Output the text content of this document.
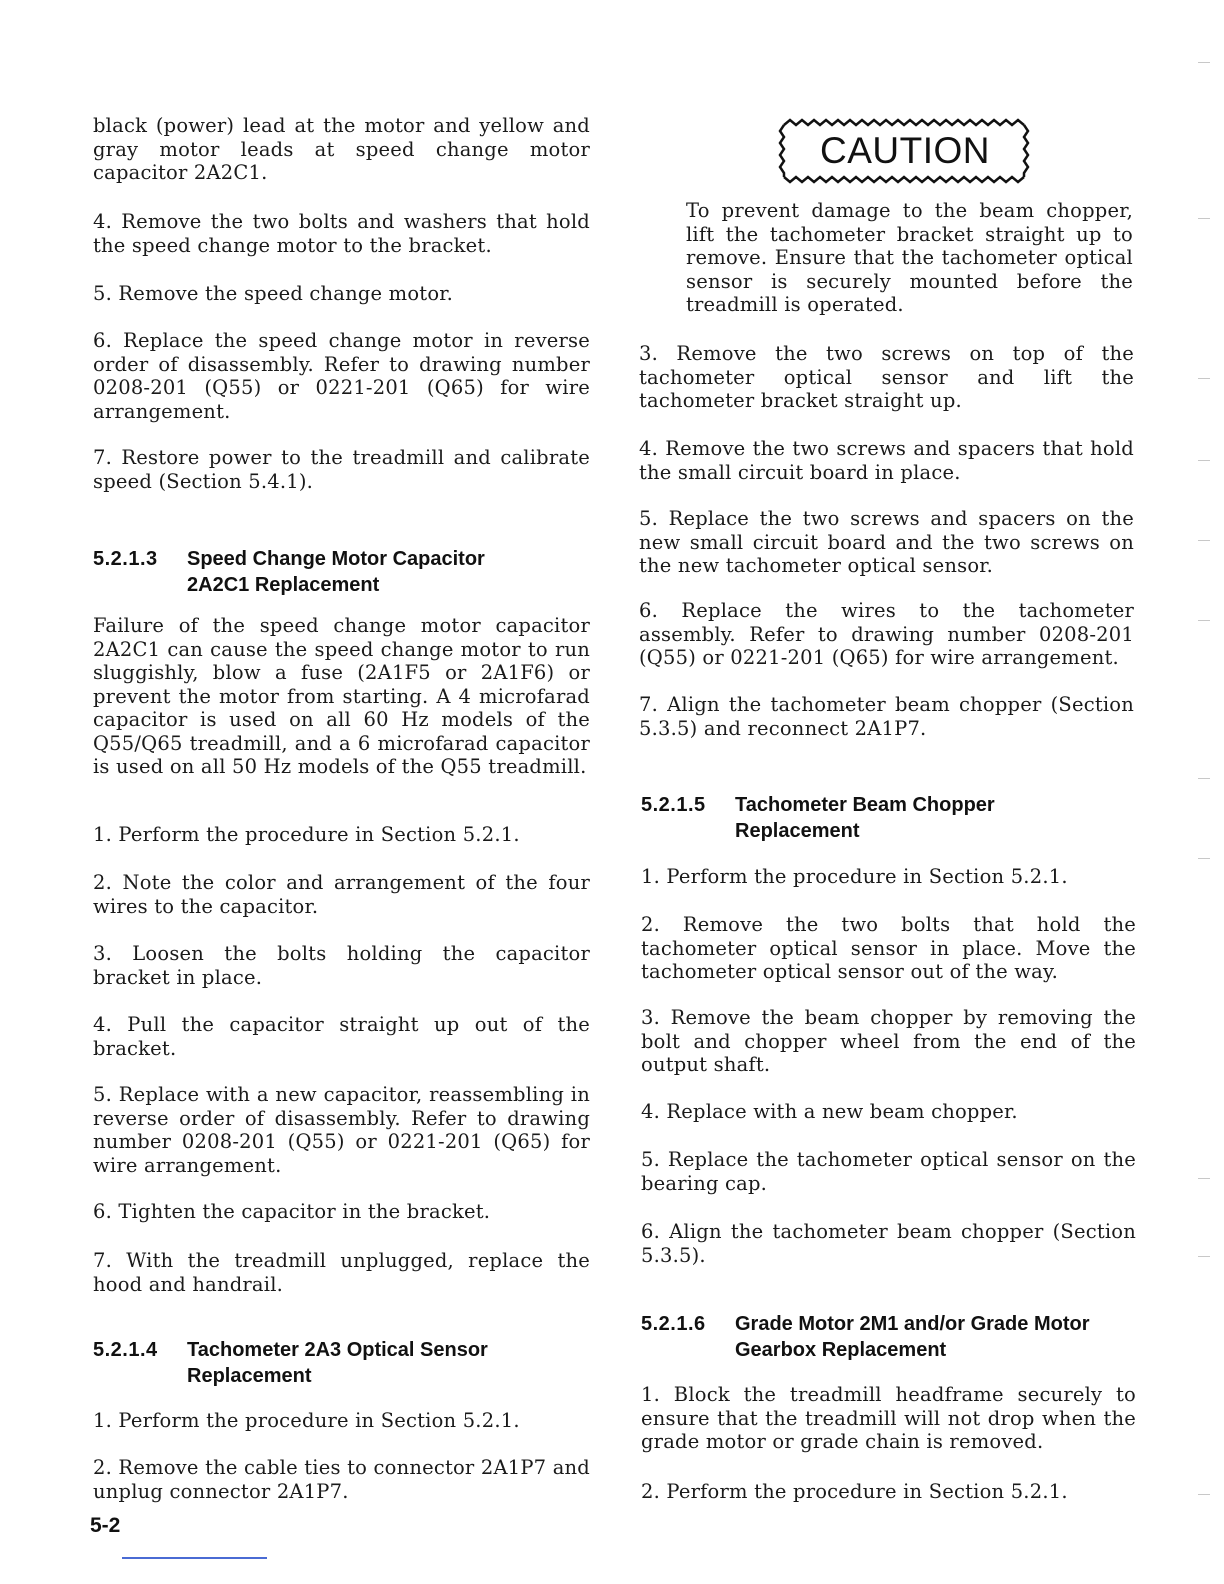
black (power) lead at the motor and yellow and gray motor leads at speed change motor capacitor 2A2C1.

4. Remove the two bolts and washers that hold the speed change motor to the bracket.

5. Remove the speed change motor.

6. Replace the speed change motor in reverse order of disassembly. Refer to drawing number 0208-201 (Q55) or 0221-201 (Q65) for wire arrangement.

7. Restore power to the treadmill and calibrate speed (Section 5.4.1).

5.2.1.3 Speed Change Motor Capacitor
2A2C1 Replacement

Failure of the speed change motor capacitor 2A2C1 can cause the speed change motor to run sluggishly, blow a fuse (2A1F5 or 2A1F6) or prevent the motor from starting. A 4 microfarad capacitor is used on all 60 Hz models of the Q55/Q65 treadmill, and a 6 microfarad capacitor is used on all 50 Hz models of the Q55 treadmill.

1. Perform the procedure in Section 5.2.1.

2. Note the color and arrangement of the four wires to the capacitor.

3. Loosen the bolts holding the capacitor bracket in place.

4. Pull the capacitor straight up out of the bracket.

5. Replace with a new capacitor, reassembling in reverse order of disassembly. Refer to drawing number 0208-201 (Q55) or 0221-201 (Q65) for wire arrangement.

6. Tighten the capacitor in the bracket.

7. With the treadmill unplugged, replace the hood and handrail.

5.2.1.4 Tachometer 2A3 Optical Sensor
Replacement

1. Perform the procedure in Section 5.2.1.

2. Remove the cable ties to connector 2A1P7 and unplug connector 2A1P7.

CAUTION

To prevent damage to the beam chopper, lift the tachometer bracket straight up to remove. Ensure that the tachometer optical sensor is securely mounted before the treadmill is operated.

3. Remove the two screws on top of the tachometer optical sensor and lift the tachometer bracket straight up.

4. Remove the two screws and spacers that hold the small circuit board in place.

5. Replace the two screws and spacers on the new small circuit board and the two screws on the new tachometer optical sensor.

6. Replace the wires to the tachometer assembly. Refer to drawing number 0208-201 (Q55) or 0221-201 (Q65) for wire arrangement.

7. Align the tachometer beam chopper (Section 5.3.5) and reconnect 2A1P7.

5.2.1.5 Tachometer Beam Chopper
Replacement

1. Perform the procedure in Section 5.2.1.

2. Remove the two bolts that hold the tachometer optical sensor in place. Move the tachometer optical sensor out of the way.

3. Remove the beam chopper by removing the bolt and chopper wheel from the end of the output shaft.

4. Replace with a new beam chopper.

5. Replace the tachometer optical sensor on the bearing cap.

6. Align the tachometer beam chopper (Section 5.3.5).

5.2.1.6 Grade Motor 2M1 and/or Grade Motor
Gearbox Replacement

1. Block the treadmill headframe securely to ensure that the treadmill will not drop when the grade motor or grade chain is removed.

2. Perform the procedure in Section 5.2.1.

5-2
